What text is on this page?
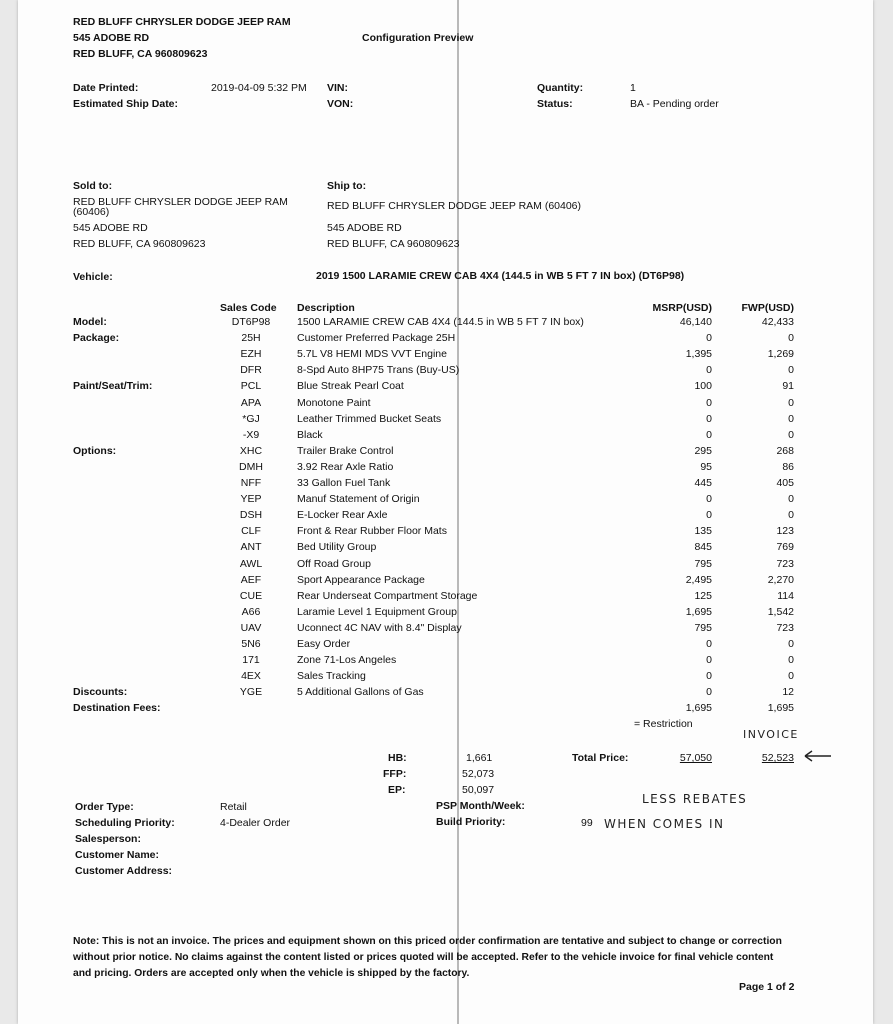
RED BLUFF CHRYSLER DODGE JEEP RAM
545 ADOBE RD
RED BLUFF, CA 960809623
Configuration Preview
Date Printed:	2019-04-09 5:32 PM
Estimated Ship Date:
VIN:
VON:
Quantity:	1
Status:	BA - Pending order
Sold to:
RED BLUFF CHRYSLER DODGE JEEP RAM
(60406)
545 ADOBE RD
RED BLUFF, CA 960809623
Ship to:
RED BLUFF CHRYSLER DODGE JEEP RAM (60406)
545 ADOBE RD
RED BLUFF, CA 960809623
Vehicle:	2019 1500 LARAMIE CREW CAB 4X4 (144.5 in WB 5 FT 7 IN box) (DT6P98)
Sales Code Description	MSRP(USD)	FWP(USD)
Model:	DT6P98	1500 LARAMIE CREW CAB 4X4 (144.5 in WB 5 FT 7 IN box)	46,140	42,433
Package:	25H	Customer Preferred Package 25H	0	0
EZH	5.7L V8 HEMI MDS VVT Engine	1,395	1,269
DFR	8-Spd Auto 8HP75 Trans (Buy-US)	0	0
Paint/Seat/Trim:	PCL	Blue Streak Pearl Coat	100	91
APA	Monotone Paint	0	0
*GJ	Leather Trimmed Bucket Seats	0	0
-X9	Black	0	0
Options:	XHC	Trailer Brake Control	295	268
DMH	3.92 Rear Axle Ratio	95	86
NFF	33 Gallon Fuel Tank	445	405
YEP	Manuf Statement of Origin	0	0
DSH	E-Locker Rear Axle	0	0
CLF	Front & Rear Rubber Floor Mats	135	123
ANT	Bed Utility Group	845	769
AWL	Off Road Group	795	723
AEF	Sport Appearance Package	2,495	2,270
CUE	Rear Underseat Compartment Storage	125	114
A66	Laramie Level 1 Equipment Group	1,695	1,542
UAV	Uconnect 4C NAV with 8.4" Display	795	723
5N6	Easy Order	0	0
171	Zone 71-Los Angeles	0	0
4EX	Sales Tracking	0	0
Discounts:	YGE	5 Additional Gallons of Gas	0	12
Destination Fees:	1,695	1,695
= Restriction
INVOICE
LESS REBATES
WHEN COMES IN
HB:	1,661
FFP:	52,073
EP:	50,097
Total Price:	57,050	52,523
Order Type:	Retail
Scheduling Priority:	4-Dealer Order
Salesperson:
Customer Name:
Customer Address:
PSP Month/Week:
Build Priority:	99
Note: This is not an invoice. The prices and equipment shown on this priced order confirmation are tentative and subject to change or correction without prior notice. No claims against the content listed or prices quoted will be accepted. Refer to the vehicle invoice for final vehicle content and pricing. Orders are accepted only when the vehicle is shipped by the factory.
Page 1 of 2
